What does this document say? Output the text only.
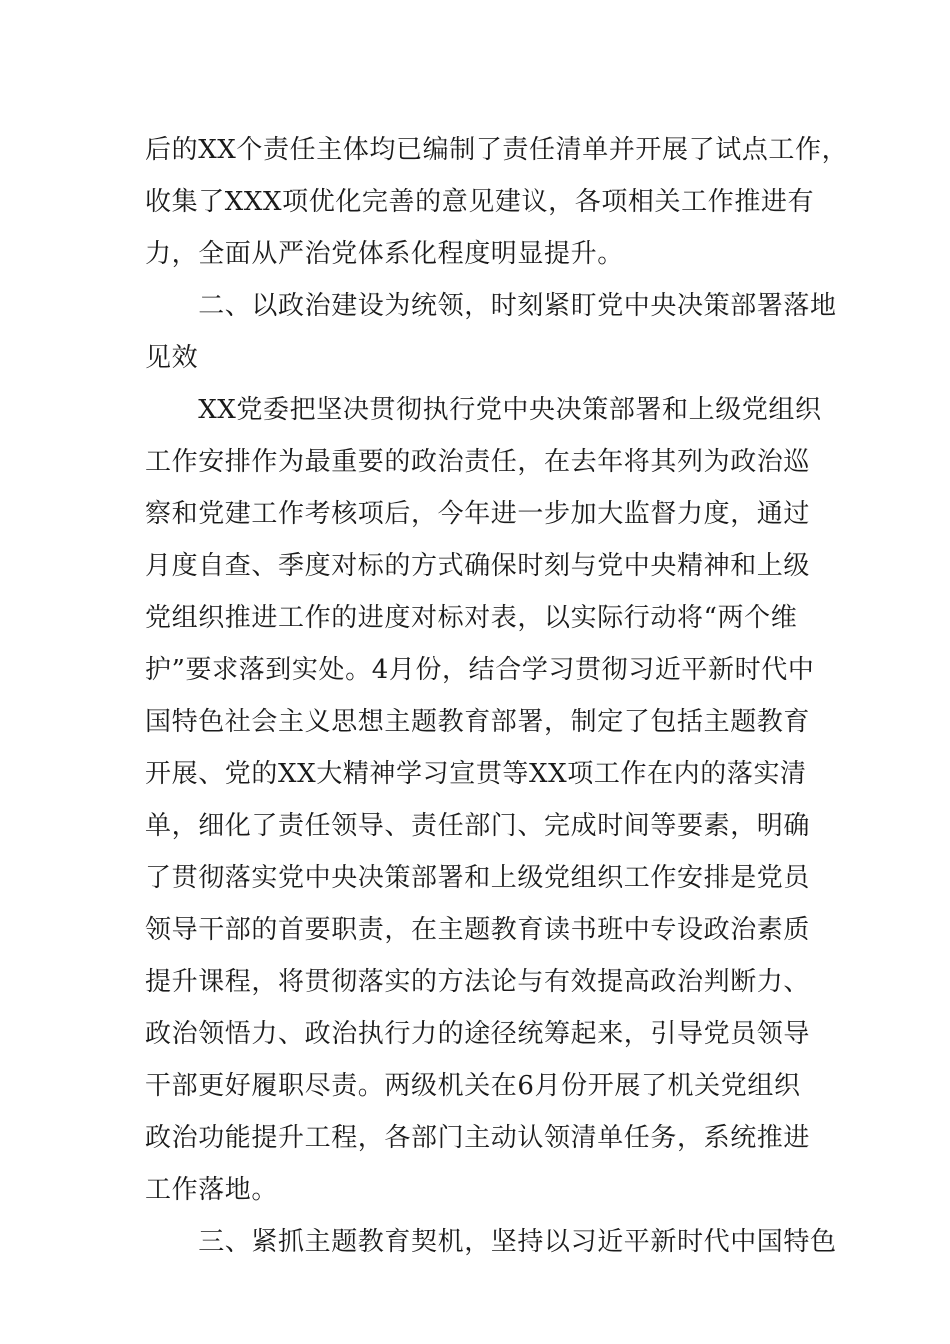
后的XX个责任主体均已编制了责任清单并开展了试点工作，
收集了XXX项优化完善的意见建议，各项相关工作推进有
力，全面从严治党体系化程度明显提升。
　　二、以政治建设为统领，时刻紧盯党中央决策部署落地
见效
　　XX党委把坚决贯彻执行党中央决策部署和上级党组织
工作安排作为最重要的政治责任，在去年将其列为政治巡
察和党建工作考核项后，今年进一步加大监督力度，通过
月度自查、季度对标的方式确保时刻与党中央精神和上级
党组织推进工作的进度对标对表，以实际行动将“两个维
护”要求落到实处。4月份，结合学习贯彻习近平新时代中
国特色社会主义思想主题教育部署，制定了包括主题教育
开展、党的XX大精神学习宣贯等XX项工作在内的落实清
单，细化了责任领导、责任部门、完成时间等要素，明确
了贯彻落实党中央决策部署和上级党组织工作安排是党员
领导干部的首要职责，在主题教育读书班中专设政治素质
提升课程，将贯彻落实的方法论与有效提高政治判断力、
政治领悟力、政治执行力的途径统筹起来，引导党员领导
干部更好履职尽责。两级机关在6月份开展了机关党组织
政治功能提升工程，各部门主动认领清单任务，系统推进
工作落地。
　　三、紧抓主题教育契机，坚持以习近平新时代中国特色
